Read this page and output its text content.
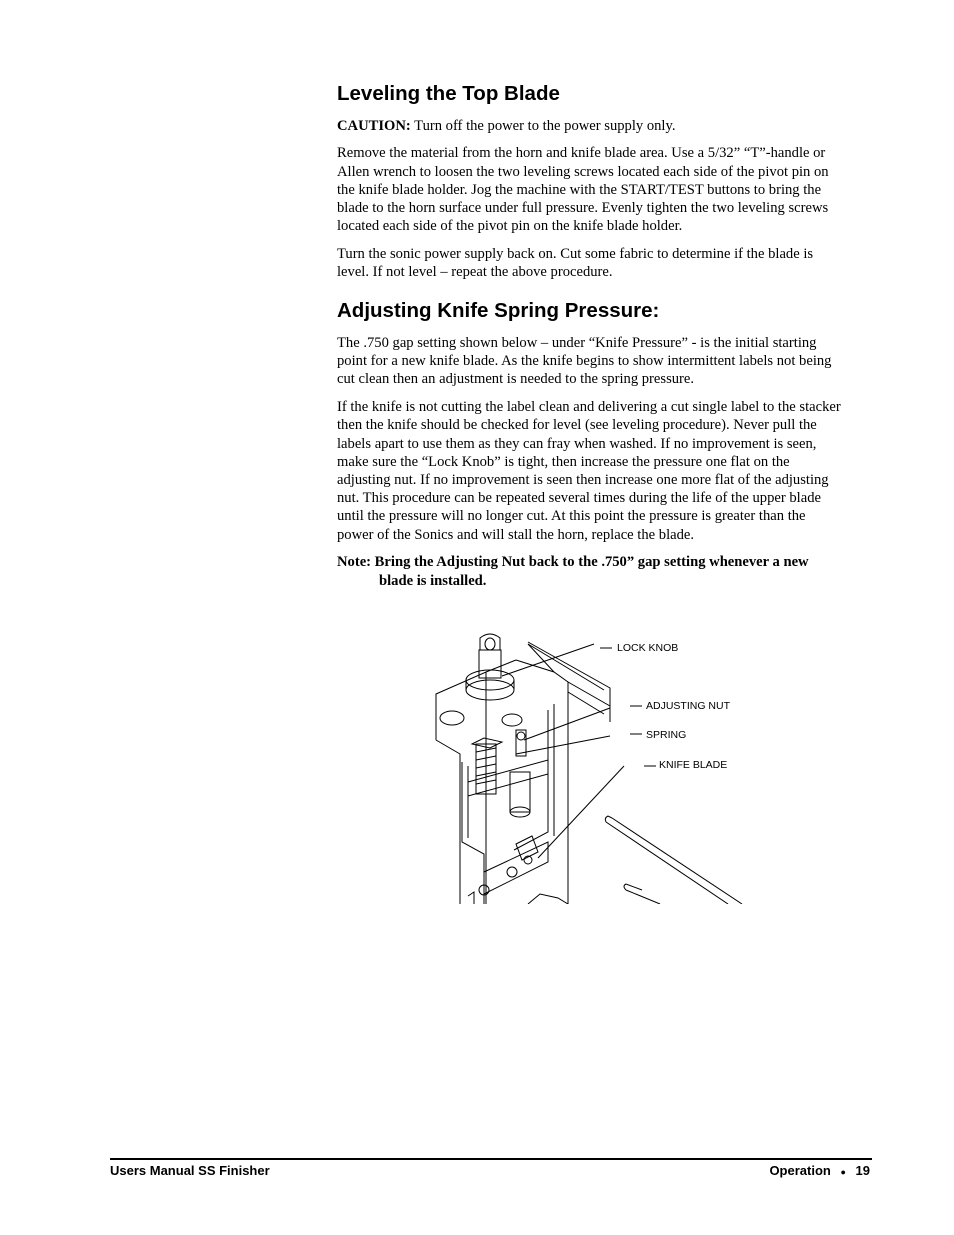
Leveling the Top Blade

CAUTION: Turn off the power to the power supply only.

Remove the material from the horn and knife blade area. Use a 5/32” “T”-handle or Allen wrench to loosen the two leveling screws located each side of the pivot pin on the knife blade holder. Jog the machine with the START/TEST buttons to bring the blade to the horn surface under full pressure. Evenly tighten the two leveling screws located each side of the pivot pin on the knife blade holder.

Turn the sonic power supply back on. Cut some fabric to determine if the blade is level. If not level – repeat the above procedure.

Adjusting Knife Spring Pressure:

The .750 gap setting shown below – under “Knife Pressure” - is the initial starting point for a new knife blade. As the knife begins to show intermittent labels not being cut clean then an adjustment is needed to the spring pressure.

If the knife is not cutting the label clean and delivering a cut single label to the stacker then the knife should be checked for level (see leveling procedure). Never pull the labels apart to use them as they can fray when washed. If no improvement is seen, make sure the “Lock Knob” is tight, then increase the pressure one flat on the adjusting nut. If no improvement is seen then increase one more flat of the adjusting nut. This procedure can be repeated several times during the life of the upper blade until the pressure will no longer cut. At this point the pressure is greater than the power of the Sonics and will stall the horn, replace the blade.

Note: Bring the Adjusting Nut back to the .750” gap setting whenever a new blade is installed.

LOCK KNOB
ADJUSTING NUT
SPRING
KNIFE BLADE
Users Manual SS Finisher	Operation ● 19
